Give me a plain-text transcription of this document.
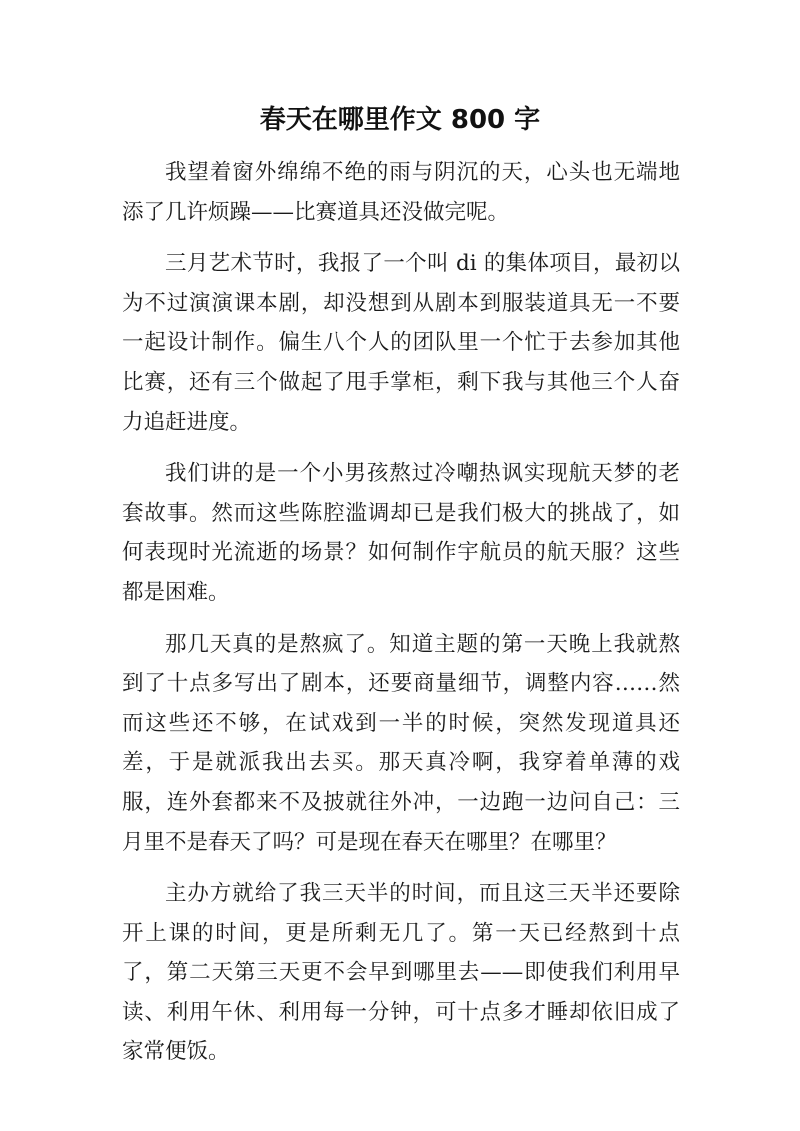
春天在哪里作文 800 字

我望着窗外绵绵不绝的雨与阴沉的天，心头也无端地添了几许烦躁——比赛道具还没做完呢。

三月艺术节时，我报了一个叫 di 的集体项目，最初以为不过演演课本剧，却没想到从剧本到服装道具无一不要一起设计制作。偏生八个人的团队里一个忙于去参加其他比赛，还有三个做起了甩手掌柜，剩下我与其他三个人奋力追赶进度。

我们讲的是一个小男孩熬过冷嘲热讽实现航天梦的老套故事。然而这些陈腔滥调却已是我们极大的挑战了，如何表现时光流逝的场景？如何制作宇航员的航天服？这些都是困难。

那几天真的是熬疯了。知道主题的第一天晚上我就熬到了十点多写出了剧本，还要商量细节，调整内容……然而这些还不够，在试戏到一半的时候，突然发现道具还差，于是就派我出去买。那天真冷啊，我穿着单薄的戏服，连外套都来不及披就往外冲，一边跑一边问自己：三月里不是春天了吗？可是现在春天在哪里？在哪里？

主办方就给了我三天半的时间，而且这三天半还要除开上课的时间，更是所剩无几了。第一天已经熬到十点了，第二天第三天更不会早到哪里去——即使我们利用早读、利用午休、利用每一分钟，可十点多才睡却依旧成了家常便饭。
